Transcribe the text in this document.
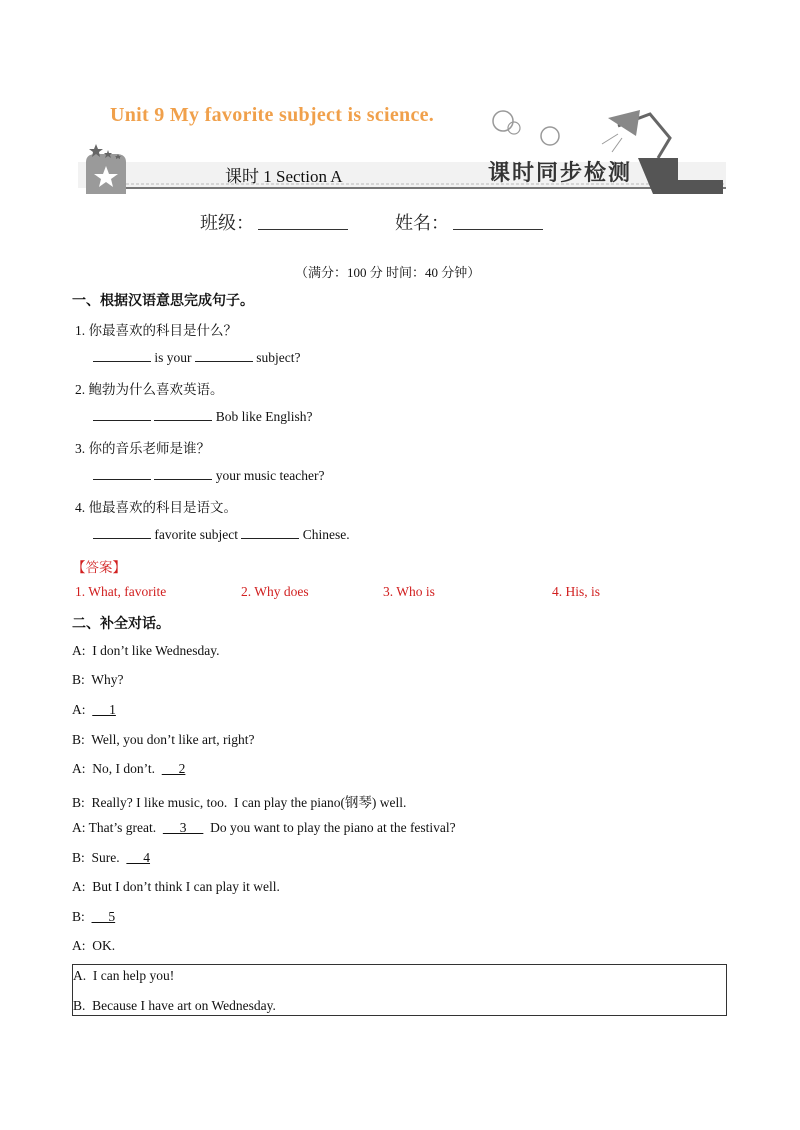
Unit 9 My favorite subject is science.
课时 1 Section A	课时同步检测
班级：	姓名：
（满分：100 分 时间：40 分钟）
一、根据汉语意思完成句子。
1. 你最喜欢的科目是什么？
is your	subject?
2. 鲍勃为什么喜欢英语。
Bob like English?
3. 你的音乐老师是谁？
your music teacher?
4. 他最喜欢的科目是语文。
favorite subject	Chinese.
【答案】
1. What, favorite	2. Why does	3. Who is	4. His, is
二、补全对话。
A:  I don’t like Wednesday.
B:  Why?
A:       1
B:  Well, you don’t like art, right?
A:  No, I don’t.       2
B:  Really? I like music, too.  I can play the piano(钢琴) well.
A: That’s great.       3       Do you want to play the piano at the festival?
B:  Sure.       4
A:  But I don’t think I can play it well.
B:       5
A:  OK.
A.  I can help you!
B.  Because I have art on Wednesday.
